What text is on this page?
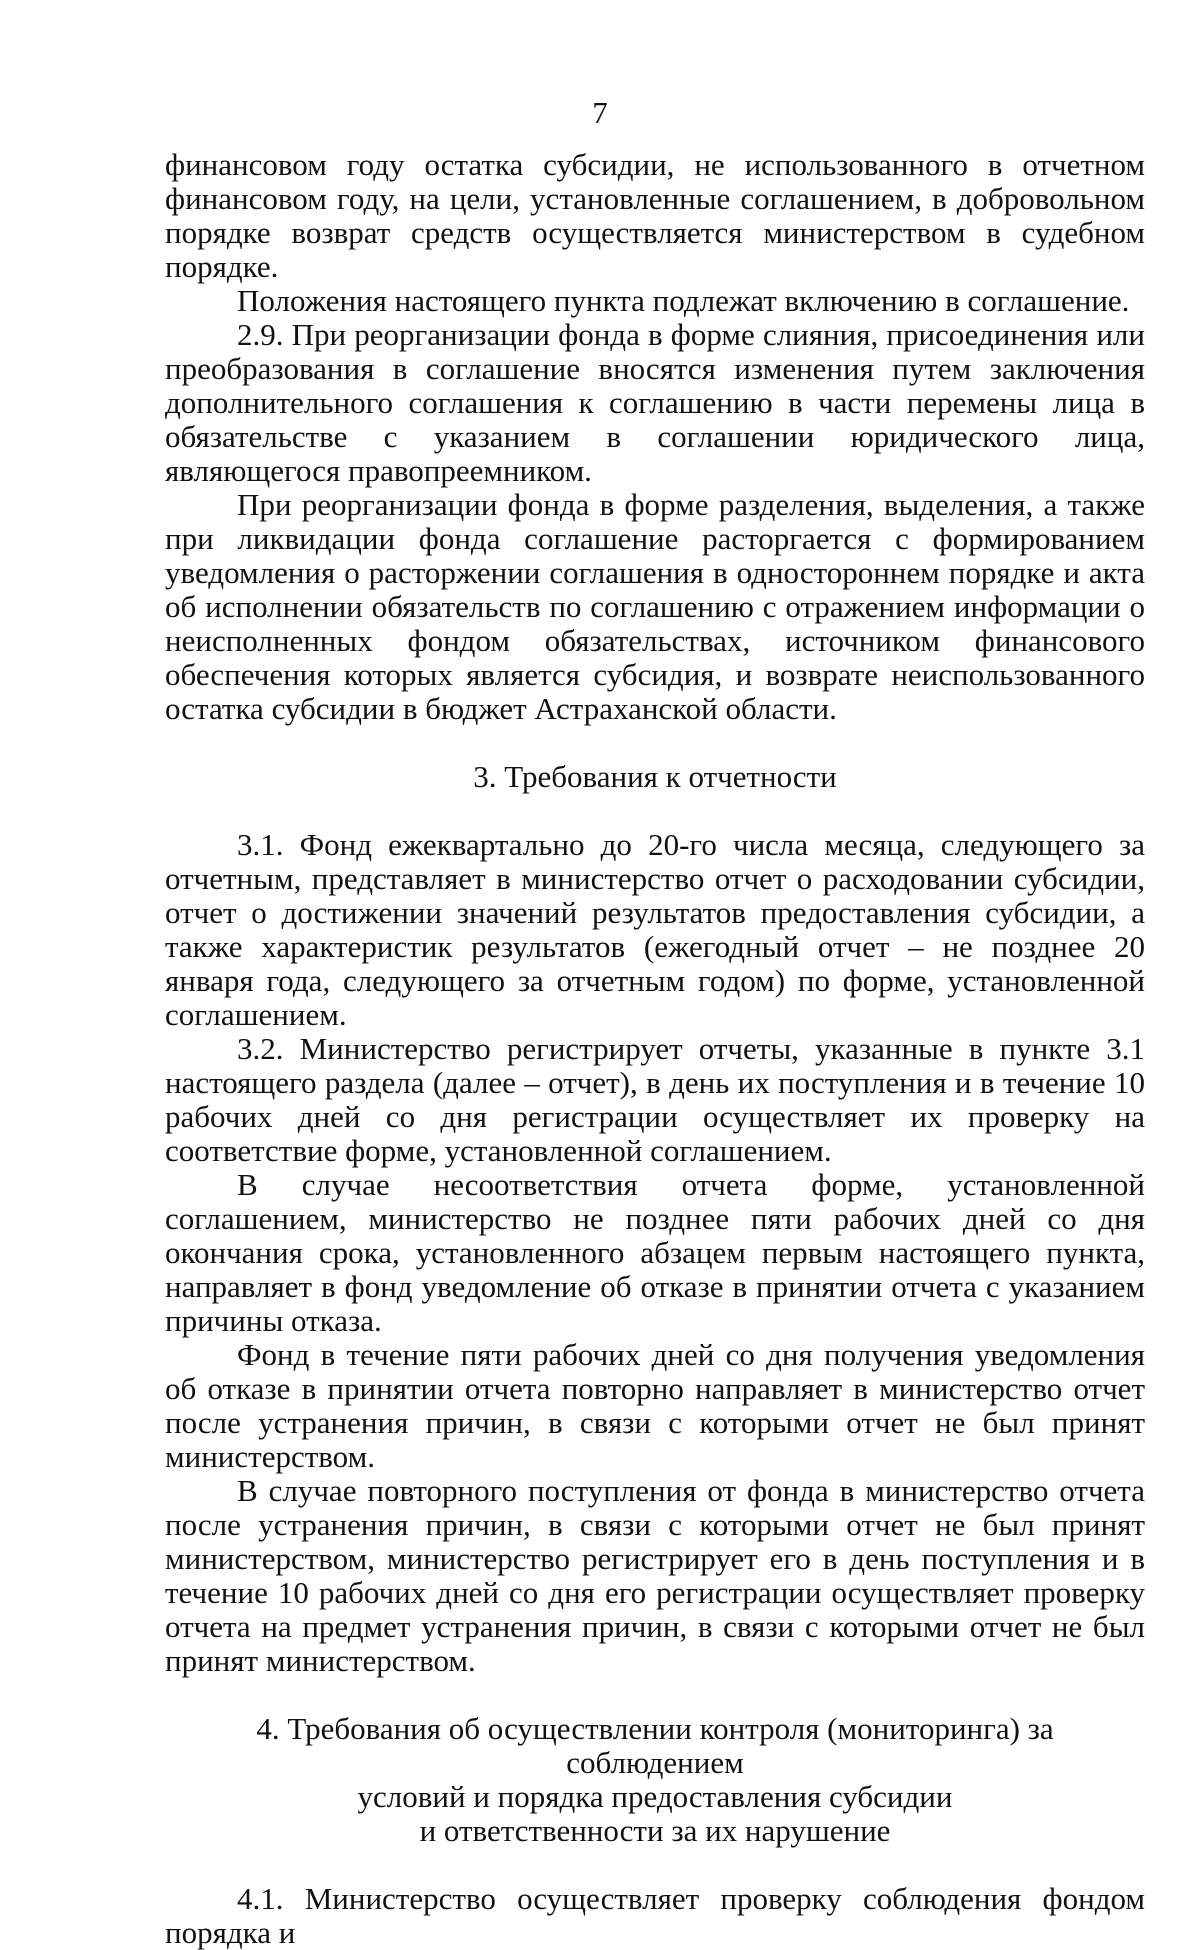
7

финансовом году остатка субсидии, не использованного в отчетном финансовом году, на цели, установленные соглашением, в добровольном порядке возврат средств осуществляется министерством в судебном порядке.

Положения настоящего пункта подлежат включению в соглашение.

2.9. При реорганизации фонда в форме слияния, присоединения или преобразования в соглашение вносятся изменения путем заключения дополнительного соглашения к соглашению в части перемены лица в обязательстве с указанием в соглашении юридического лица, являющегося правопреемником.

При реорганизации фонда в форме разделения, выделения, а также при ликвидации фонда соглашение расторгается с формированием уведомления о расторжении соглашения в одностороннем порядке и акта об исполнении обязательств по соглашению с отражением информации о неисполненных фондом обязательствах, источником финансового обеспечения которых является субсидия, и возврате неиспользованного остатка субсидии в бюджет Астраханской области.

3. Требования к отчетности

3.1. Фонд ежеквартально до 20-го числа месяца, следующего за отчетным, представляет в министерство отчет о расходовании субсидии, отчет о достижении значений результатов предоставления субсидии, а также характеристик результатов (ежегодный отчет – не позднее 20 января года, следующего за отчетным годом) по форме, установленной соглашением.

3.2. Министерство регистрирует отчеты, указанные в пункте 3.1 настоящего раздела (далее – отчет), в день их поступления и в течение 10 рабочих дней со дня регистрации осуществляет их проверку на соответствие форме, установленной соглашением.

В случае несоответствия отчета форме, установленной соглашением, министерство не позднее пяти рабочих дней со дня окончания срока, установленного абзацем первым настоящего пункта, направляет в фонд уведомление об отказе в принятии отчета с указанием причины отказа.

Фонд в течение пяти рабочих дней со дня получения уведомления об отказе в принятии отчета повторно направляет в министерство отчет после устранения причин, в связи с которыми отчет не был принят министерством.

В случае повторного поступления от фонда в министерство отчета после устранения причин, в связи с которыми отчет не был принят министерством, министерство регистрирует его в день поступления и в течение 10 рабочих дней со дня его регистрации осуществляет проверку отчета на предмет устранения причин, в связи с которыми отчет не был принят министерством.

4. Требования об осуществлении контроля (мониторинга) за соблюдением

условий и порядка предоставления субсидии

и ответственности за их нарушение

4.1. Министерство осуществляет проверку соблюдения фондом порядка и
